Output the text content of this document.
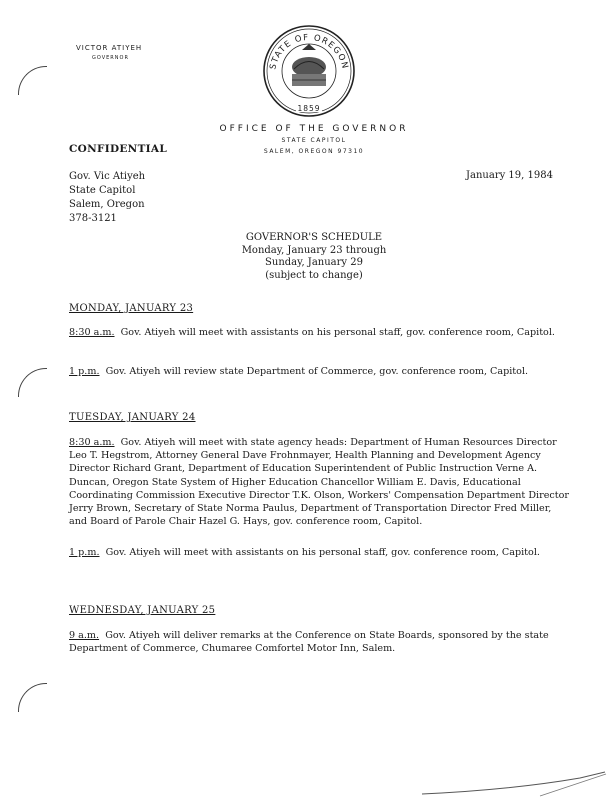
VICTOR ATIYEH
GOVERNOR
STATE OF OREGON
1859
OFFICE OF THE GOVERNOR
STATE CAPITOL
SALEM, OREGON 97310
CONFIDENTIAL
Gov. Vic Atiyeh
State Capitol
Salem, Oregon
378-3121
January 19, 1984
GOVERNOR'S SCHEDULE
Monday, January 23 through
Sunday, January 29
(subject to change)
MONDAY, JANUARY 23
8:30 a.m. Gov. Atiyeh will meet with assistants on his personal staff, gov. conference room, Capitol.
1 p.m. Gov. Atiyeh will review state Department of Commerce, gov. conference room, Capitol.
TUESDAY, JANUARY 24
8:30 a.m. Gov. Atiyeh will meet with state agency heads: Department of Human Resources Director Leo T. Hegstrom, Attorney General Dave Frohnmayer, Health Planning and Development Agency Director Richard Grant, Department of Education Superintendent of Public Instruction Verne A. Duncan, Oregon State System of Higher Education Chancellor William E. Davis, Educational Coordinating Commission Executive Director T.K. Olson, Workers' Compensation Department Director Jerry Brown, Secretary of State Norma Paulus, Department of Transportation Director Fred Miller, and Board of Parole Chair Hazel G. Hays, gov. conference room, Capitol.
1 p.m. Gov. Atiyeh will meet with assistants on his personal staff, gov. conference room, Capitol.
WEDNESDAY, JANUARY 25
9 a.m. Gov. Atiyeh will deliver remarks at the Conference on State Boards, sponsored by the state Department of Commerce, Chumaree Comfortel Motor Inn, Salem.
